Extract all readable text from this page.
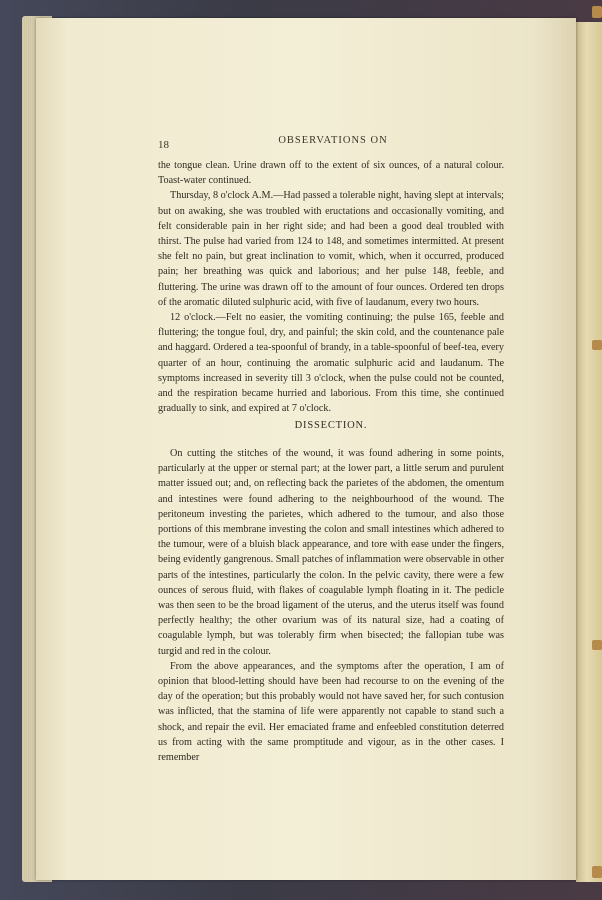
18	OBSERVATIONS ON

the tongue clean. Urine drawn off to the extent of six ounces, of a natural colour. Toast-water continued.

Thursday, 8 o'clock A.M.—Had passed a tolerable night, having slept at intervals; but on awaking, she was troubled with eructations and occasionally vomiting, and felt considerable pain in her right side; and had been a good deal troubled with thirst. The pulse had varied from 124 to 148, and sometimes intermitted. At present she felt no pain, but great inclination to vomit, which, when it occurred, produced pain; her breathing was quick and laborious; and her pulse 148, feeble, and fluttering. The urine was drawn off to the amount of four ounces. Ordered ten drops of the aromatic diluted sulphuric acid, with five of laudanum, every two hours.

12 o'clock.—Felt no easier, the vomiting continuing; the pulse 165, feeble and fluttering; the tongue foul, dry, and painful; the skin cold, and the countenance pale and haggard. Ordered a tea-spoonful of brandy, in a table-spoonful of beef-tea, every quarter of an hour, continuing the aromatic sulphuric acid and laudanum. The symptoms increased in severity till 3 o'clock, when the pulse could not be counted, and the respiration became hurried and laborious. From this time, she continued gradually to sink, and expired at 7 o'clock.

DISSECTION.

On cutting the stitches of the wound, it was found adhering in some points, particularly at the upper or sternal part; at the lower part, a little serum and purulent matter issued out; and, on reflecting back the parietes of the abdomen, the omentum and intestines were found adhering to the neighbourhood of the wound. The peritoneum investing the parietes, which adhered to the tumour, and also those portions of this membrane investing the colon and small intestines which adhered to the tumour, were of a bluish black appearance, and tore with ease under the fingers, being evidently gangrenous. Small patches of inflammation were observable in other parts of the intestines, particularly the colon. In the pelvic cavity, there were a few ounces of serous fluid, with flakes of coagulable lymph floating in it. The pedicle was then seen to be the broad ligament of the uterus, and the uterus itself was found perfectly healthy; the other ovarium was of its natural size, had a coating of coagulable lymph, but was tolerably firm when bisected; the fallopian tube was turgid and red in the colour.

From the above appearances, and the symptoms after the operation, I am of opinion that blood-letting should have been had recourse to on the evening of the day of the operation; but this probably would not have saved her, for such contusion was inflicted, that the stamina of life were apparently not capable to stand such a shock, and repair the evil. Her emaciated frame and enfeebled constitution deterred us from acting with the same promptitude and vigour, as in the other cases. I remember
